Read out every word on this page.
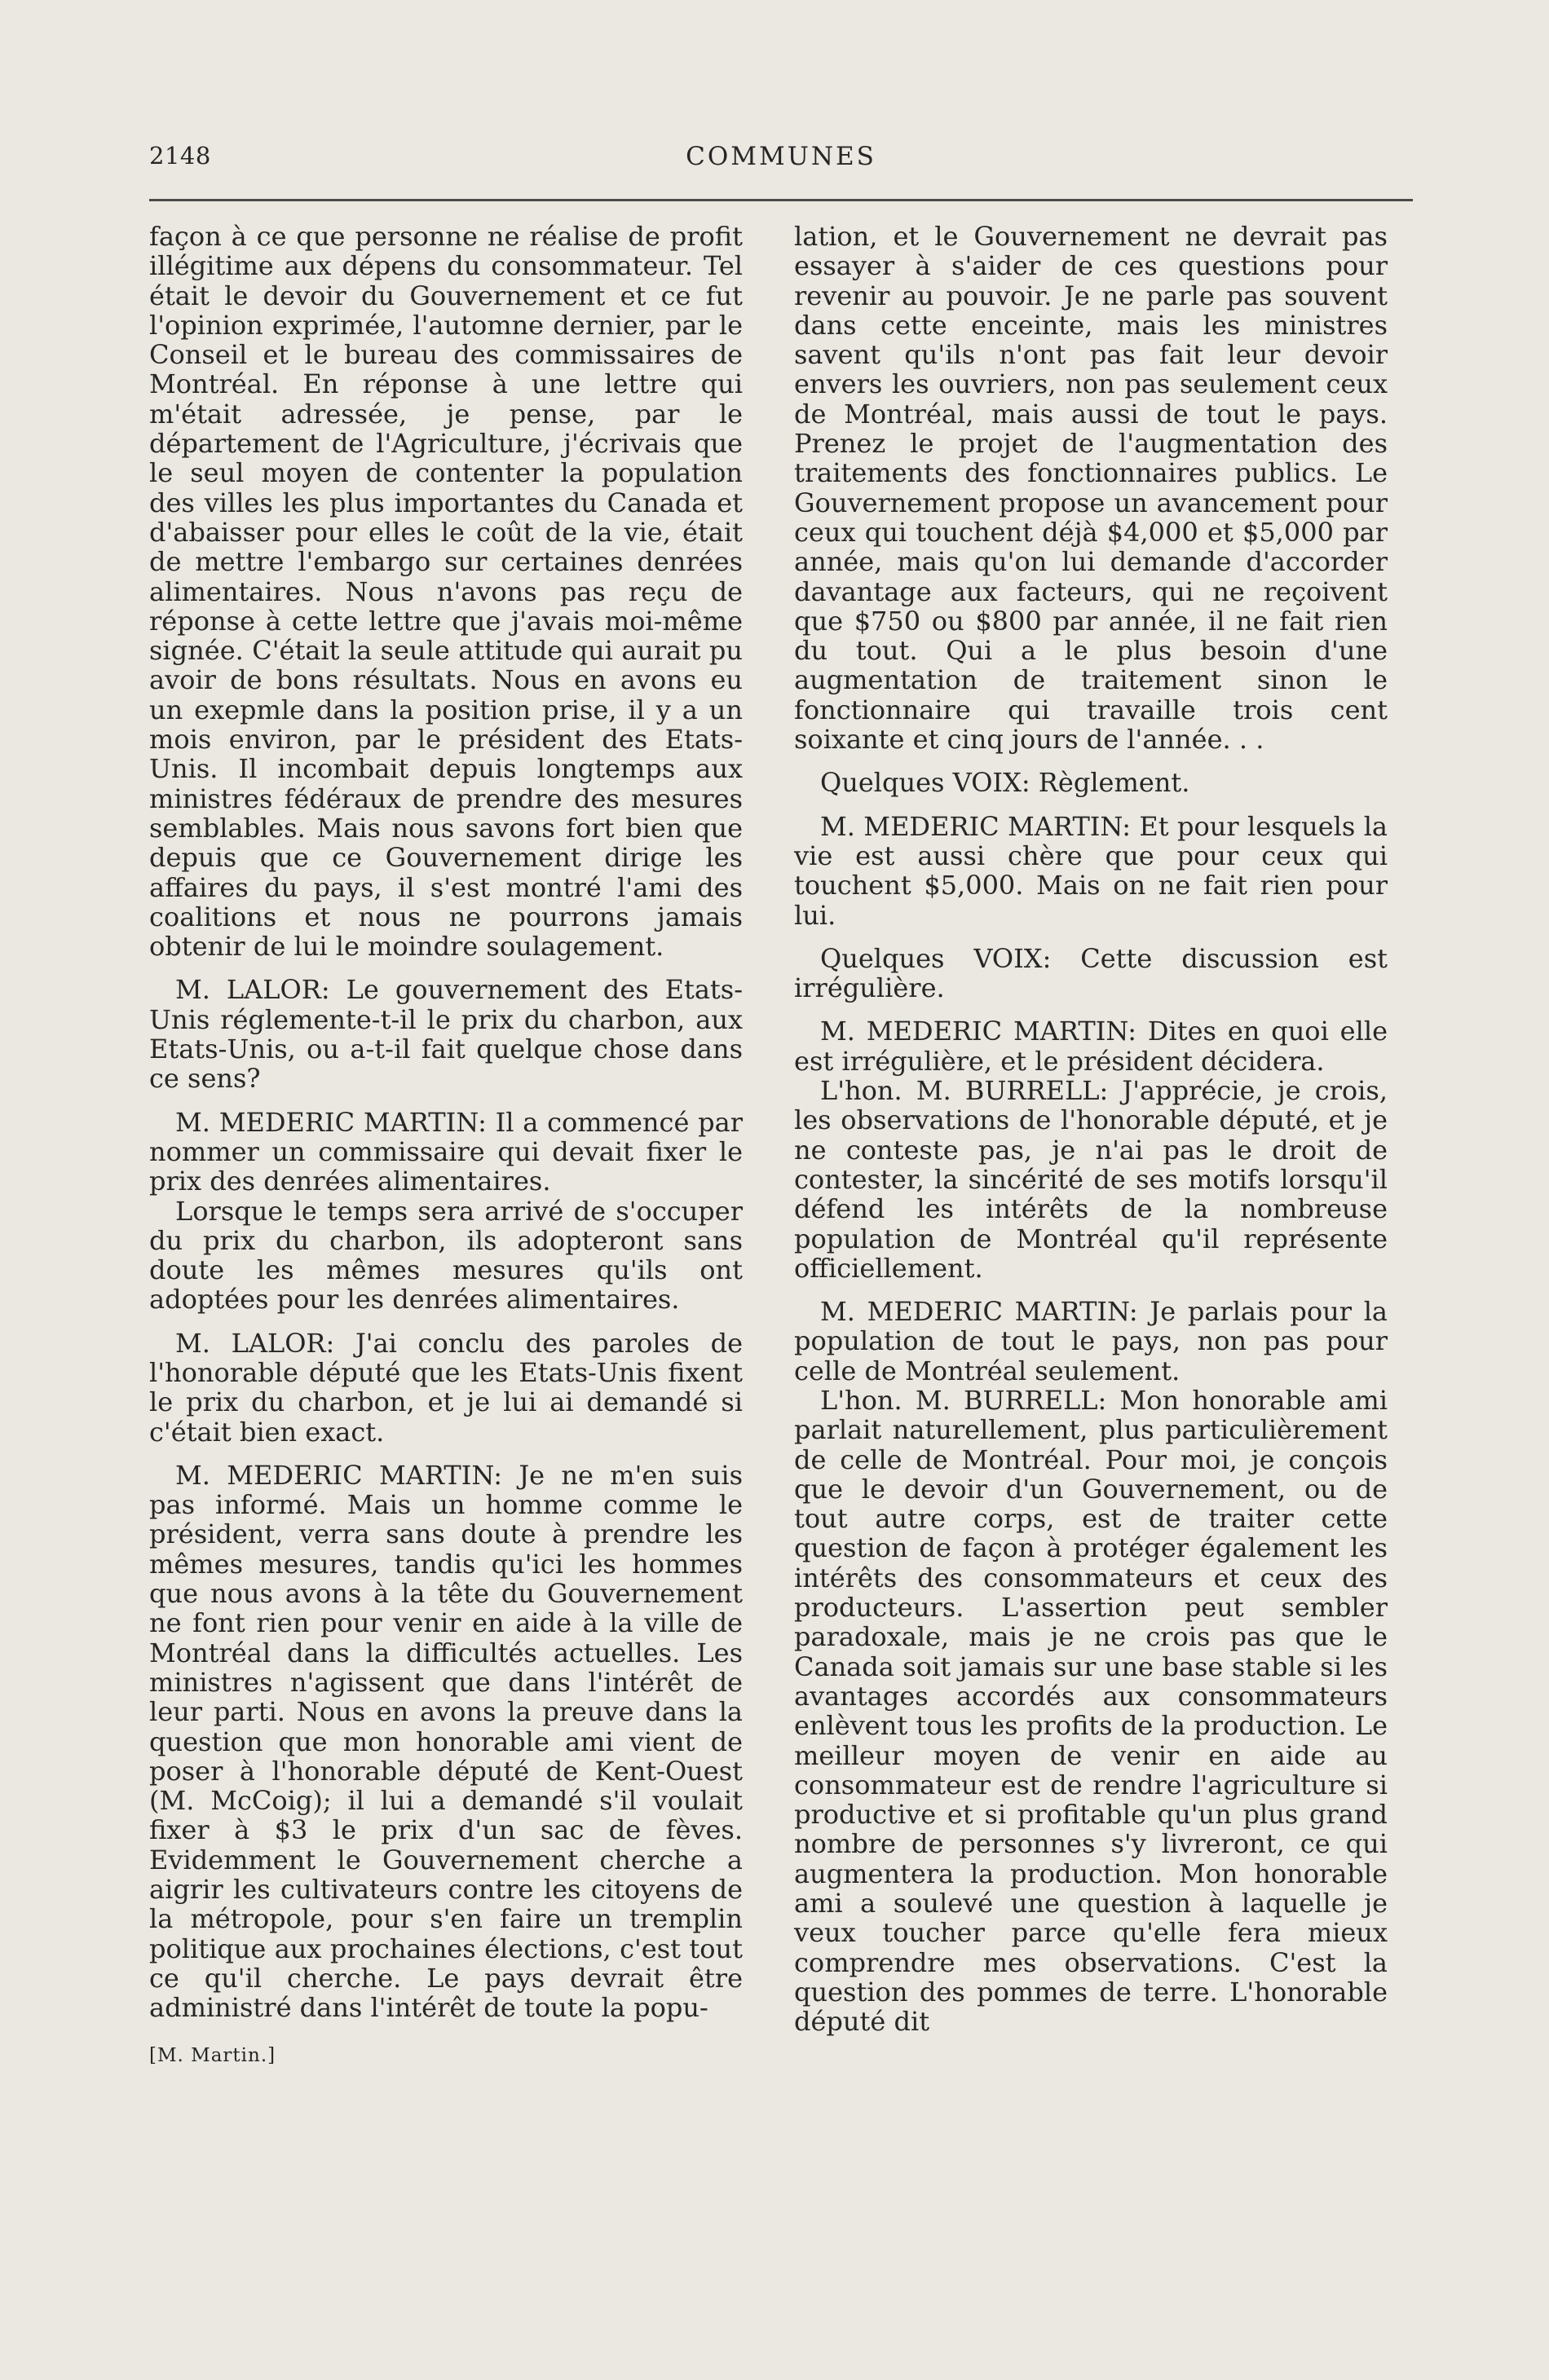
2148	COMMUNES

façon à ce que personne ne réalise de profit illégitime aux dépens du consommateur. Tel était le devoir du Gouvernement et ce fut l'opinion exprimée, l'automne dernier, par le Conseil et le bureau des commissaires de Montréal. En réponse à une lettre qui m'était adressée, je pense, par le département de l'Agriculture, j'écrivais que le seul moyen de contenter la population des villes les plus importantes du Canada et d'abaisser pour elles le coût de la vie, était de mettre l'embargo sur certaines denrées alimentaires. Nous n'avons pas reçu de réponse à cette lettre que j'avais moi-même signée. C'était la seule attitude qui aurait pu avoir de bons résultats. Nous en avons eu un exepmle dans la position prise, il y a un mois environ, par le président des Etats-Unis. Il incombait depuis longtemps aux ministres fédéraux de prendre des mesures semblables. Mais nous savons fort bien que depuis que ce Gouvernement dirige les affaires du pays, il s'est montré l'ami des coalitions et nous ne pourrons jamais obtenir de lui le moindre soulagement.

M. LALOR: Le gouvernement des Etats-Unis réglemente-t-il le prix du charbon, aux Etats-Unis, ou a-t-il fait quelque chose dans ce sens?

M. MEDERIC MARTIN: Il a commencé par nommer un commissaire qui devait fixer le prix des denrées alimentaires.

Lorsque le temps sera arrivé de s'occuper du prix du charbon, ils adopteront sans doute les mêmes mesures qu'ils ont adoptées pour les denrées alimentaires.

M. LALOR: J'ai conclu des paroles de l'honorable député que les Etats-Unis fixent le prix du charbon, et je lui ai demandé si c'était bien exact.

M. MEDERIC MARTIN: Je ne m'en suis pas informé. Mais un homme comme le président, verra sans doute à prendre les mêmes mesures, tandis qu'ici les hommes que nous avons à la tête du Gouvernement ne font rien pour venir en aide à la ville de Montréal dans la difficultés actuelles. Les ministres n'agissent que dans l'intérêt de leur parti. Nous en avons la preuve dans la question que mon honorable ami vient de poser à l'honorable député de Kent-Ouest (M. McCoig); il lui a demandé s'il voulait fixer à $3 le prix d'un sac de fèves. Evidemment le Gouvernement cherche a aigrir les cultivateurs contre les citoyens de la métropole, pour s'en faire un tremplin politique aux prochaines élections, c'est tout ce qu'il cherche. Le pays devrait être administré dans l'intérêt de toute la popu-

[M. Martin.]

lation, et le Gouvernement ne devrait pas essayer à s'aider de ces questions pour revenir au pouvoir. Je ne parle pas souvent dans cette enceinte, mais les ministres savent qu'ils n'ont pas fait leur devoir envers les ouvriers, non pas seulement ceux de Montréal, mais aussi de tout le pays. Prenez le projet de l'augmentation des traitements des fonctionnaires publics. Le Gouvernement propose un avancement pour ceux qui touchent déjà $4,000 et $5,000 par année, mais qu'on lui demande d'accorder davantage aux facteurs, qui ne reçoivent que $750 ou $800 par année, il ne fait rien du tout. Qui a le plus besoin d'une augmentation de traitement sinon le fonctionnaire qui travaille trois cent soixante et cinq jours de l'année. . .

Quelques VOIX: Règlement.

M. MEDERIC MARTIN: Et pour lesquels la vie est aussi chère que pour ceux qui touchent $5,000. Mais on ne fait rien pour lui.

Quelques VOIX: Cette discussion est irrégulière.

M. MEDERIC MARTIN: Dites en quoi elle est irrégulière, et le président décidera.

L'hon. M. BURRELL: J'apprécie, je crois, les observations de l'honorable député, et je ne conteste pas, je n'ai pas le droit de contester, la sincérité de ses motifs lorsqu'il défend les intérêts de la nombreuse population de Montréal qu'il représente officiellement.

M. MEDERIC MARTIN: Je parlais pour la population de tout le pays, non pas pour celle de Montréal seulement.

L'hon. M. BURRELL: Mon honorable ami parlait naturellement, plus particulièrement de celle de Montréal. Pour moi, je conçois que le devoir d'un Gouvernement, ou de tout autre corps, est de traiter cette question de façon à protéger également les intérêts des consommateurs et ceux des producteurs. L'assertion peut sembler paradoxale, mais je ne crois pas que le Canada soit jamais sur une base stable si les avantages accordés aux consommateurs enlèvent tous les profits de la production. Le meilleur moyen de venir en aide au consommateur est de rendre l'agriculture si productive et si profitable qu'un plus grand nombre de personnes s'y livreront, ce qui augmentera la production. Mon honorable ami a soulevé une question à laquelle je veux toucher parce qu'elle fera mieux comprendre mes observations. C'est la question des pommes de terre. L'honorable député dit
